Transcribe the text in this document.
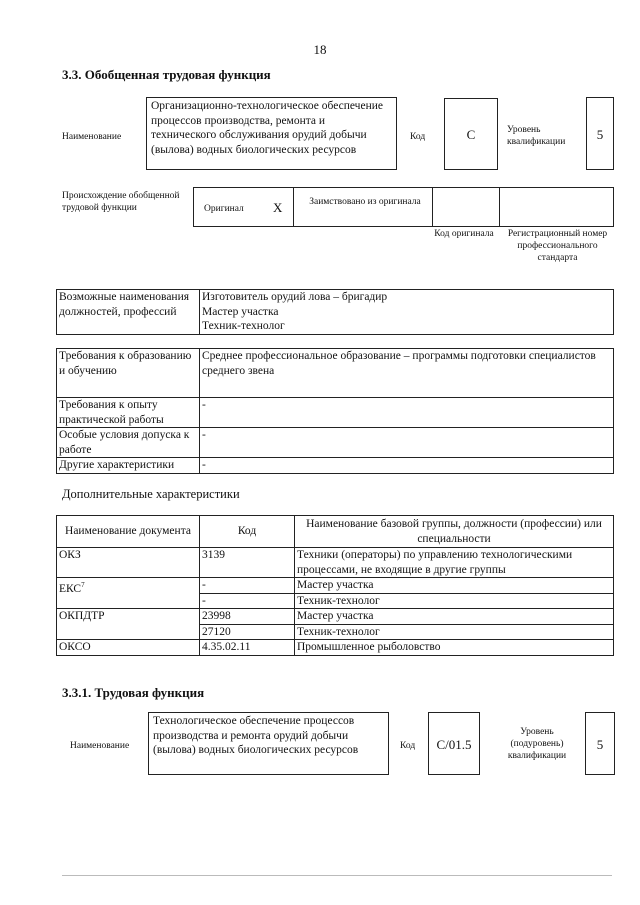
18
3.3. Обобщенная трудовая функция
Наименование
Организационно-технологическое обеспечение процессов производства, ремонта и технического обслуживания орудий добычи (вылова) водных биологических ресурсов
Код	C	Уровень квалификации	5
Происхождение обобщенной трудовой функции	Оригинал X	Заимствовано из оригинала
Код оригинала	Регистрационный номер профессионального стандарта
Возможные наименования должностей, профессий	
Изготовитель орудий лова – бригадир
Мастер участка
Техник-технолог
Требования к образованию и обучению	Среднее профессиональное образование – программы подготовки специалистов среднего звена
Требования к опыту практической работы	-
Особые условия допуска к работе	-
Другие характеристики	-
Дополнительные характеристики
Наименование документа	Код	Наименование базовой группы, должности (профессии) или специальности
ОКЗ	3139	Техники (операторы) по управлению технологическими процессами, не входящие в другие группы
ЕКС$^7$	-	Мастер участка
	-	Техник-технолог
ОКПДТР	23998	Мастер участка
	27120	Техник-технолог
ОКСО	4.35.02.11	Промышленное рыболовство
3.3.1. Трудовая функция
Наименование
Технологическое обеспечение процессов производства и ремонта орудий добычи (вылова) водных биологических ресурсов	Код	C/01.5
Уровень (подуровень) квалификации
5
